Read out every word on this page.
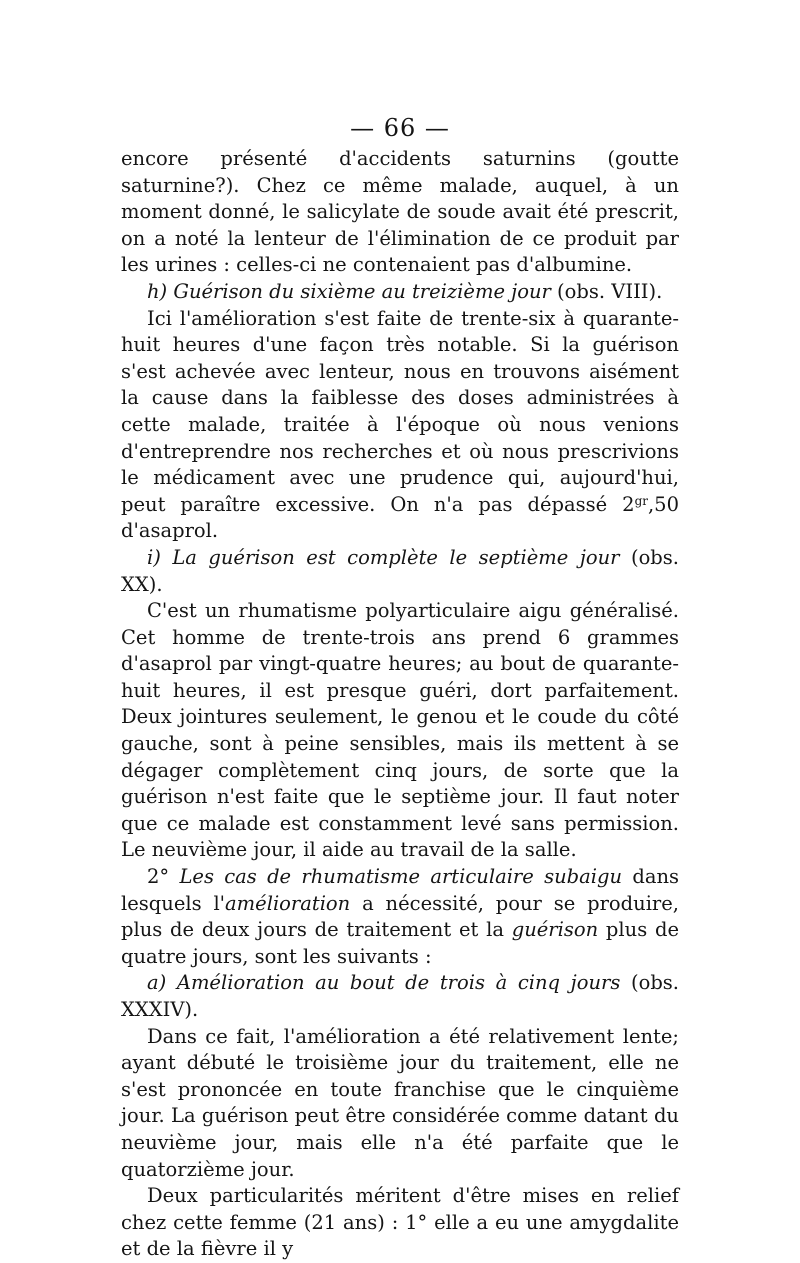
— 66 —

encore présenté d'accidents saturnins (goutte saturnine?). Chez ce même malade, auquel, à un moment donné, le salicylate de soude avait été prescrit, on a noté la lenteur de l'élimination de ce produit par les urines : celles-ci ne contenaient pas d'albumine.

h) Guérison du sixième au treizième jour (obs. VIII).

Ici l'amélioration s'est faite de trente-six à quarante-huit heures d'une façon très notable. Si la guérison s'est achevée avec lenteur, nous en trouvons aisément la cause dans la faiblesse des doses administrées à cette malade, traitée à l'époque où nous venions d'entreprendre nos recherches et où nous prescrivions le médicament avec une prudence qui, aujourd'hui, peut paraître excessive. On n'a pas dépassé $2^{gr},50$ d'asaprol.

i) La guérison est complète le septième jour (obs. XX).

C'est un rhumatisme polyarticulaire aigu généralisé. Cet homme de trente-trois ans prend 6 grammes d'asaprol par vingt-quatre heures; au bout de quarante-huit heures, il est presque guéri, dort parfaitement. Deux jointures seulement, le genou et le coude du côté gauche, sont à peine sensibles, mais ils mettent à se dégager complètement cinq jours, de sorte que la guérison n'est faite que le septième jour. Il faut noter que ce malade est constamment levé sans permission. Le neuvième jour, il aide au travail de la salle.

2° Les cas de rhumatisme articulaire subaigu dans lesquels l'amélioration a nécessité, pour se produire, plus de deux jours de traitement et la guérison plus de quatre jours, sont les suivants :

a) Amélioration au bout de trois à cinq jours (obs. XXXIV).

Dans ce fait, l'amélioration a été relativement lente; ayant débuté le troisième jour du traitement, elle ne s'est prononcée en toute franchise que le cinquième jour. La guérison peut être considérée comme datant du neuvième jour, mais elle n'a été parfaite que le quatorzième jour.

Deux particularités méritent d'être mises en relief chez cette femme (21 ans) : 1° elle a eu une amygdalite et de la fièvre il y
